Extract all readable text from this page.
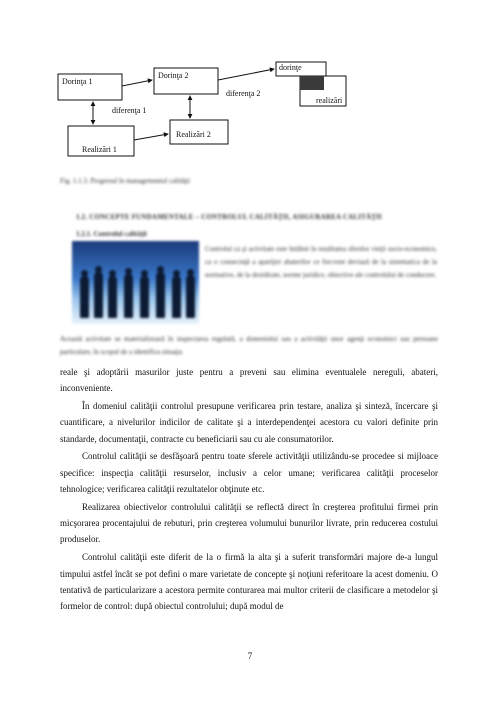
Dorinţa 1
Dorinţa 2
dorinţe
realizări
Realizări 1
Realizări 2
diferenţa 1
diferenţa 2
Fig. 1.1.3. Progresul în managementul calităţii
1.2. CONCEPTE FUNDAMENTALE – CONTROLUL CALITĂŢII, ASIGURAREA CALITĂŢII
1.2.1. Controlul calităţii
Controlul ca şi activitate este întâlnit în totalitatea sferelor vieţii socio-economice, ca o consecinţă a apariţiei abaterilor ce frecvent deviază de la sistematica de la normative, de la dezidirate, norme juridice, obiective ale controlului de conducere.
Această activitate se materializează în inspectarea regulată, a domeniului sau a activităţii unor agenţi economici sau persoane particulare, în scopul de a identifica situaţia

reale şi adoptării masurilor juste pentru a preveni sau elimina eventualele nereguli, abateri, inconveniente.

În domeniul calităţii controlul presupune verificarea prin testare, analiza şi sinteză, încercare şi cuantificare, a nivelurilor indicilor de calitate şi a interdependenţei acestora cu valori definite prin standarde, documentaţii, contracte cu beneficiarii sau cu ale consumatorilor.

Controlul calităţii se desfăşoară pentru toate sferele activităţii utilizându-se procedee si mijloace specifice: inspecţia calităţii resurselor, inclusiv a celor umane; verificarea calităţii proceselor tehnologice; verificarea calităţii rezultatelor obţinute etc.

Realizarea obiectivelor controlului calităţii se reflectă direct în creşterea profitului firmei prin micşorarea procentajului de rebuturi, prin creşterea volumului bunurilor livrate, prin reducerea costului produselor.

Controlul calităţii este diferit de la o firmă la alta şi a suferit transformări majore de-a lungul timpului astfel încât se pot defini o mare varietate de concepte şi noţiuni referitoare la acest domeniu. O tentativă de particularizare a acestora permite conturarea mai multor criterii de clasificare a metodelor şi formelor de control: după obiectul controlului; după modul de

7
